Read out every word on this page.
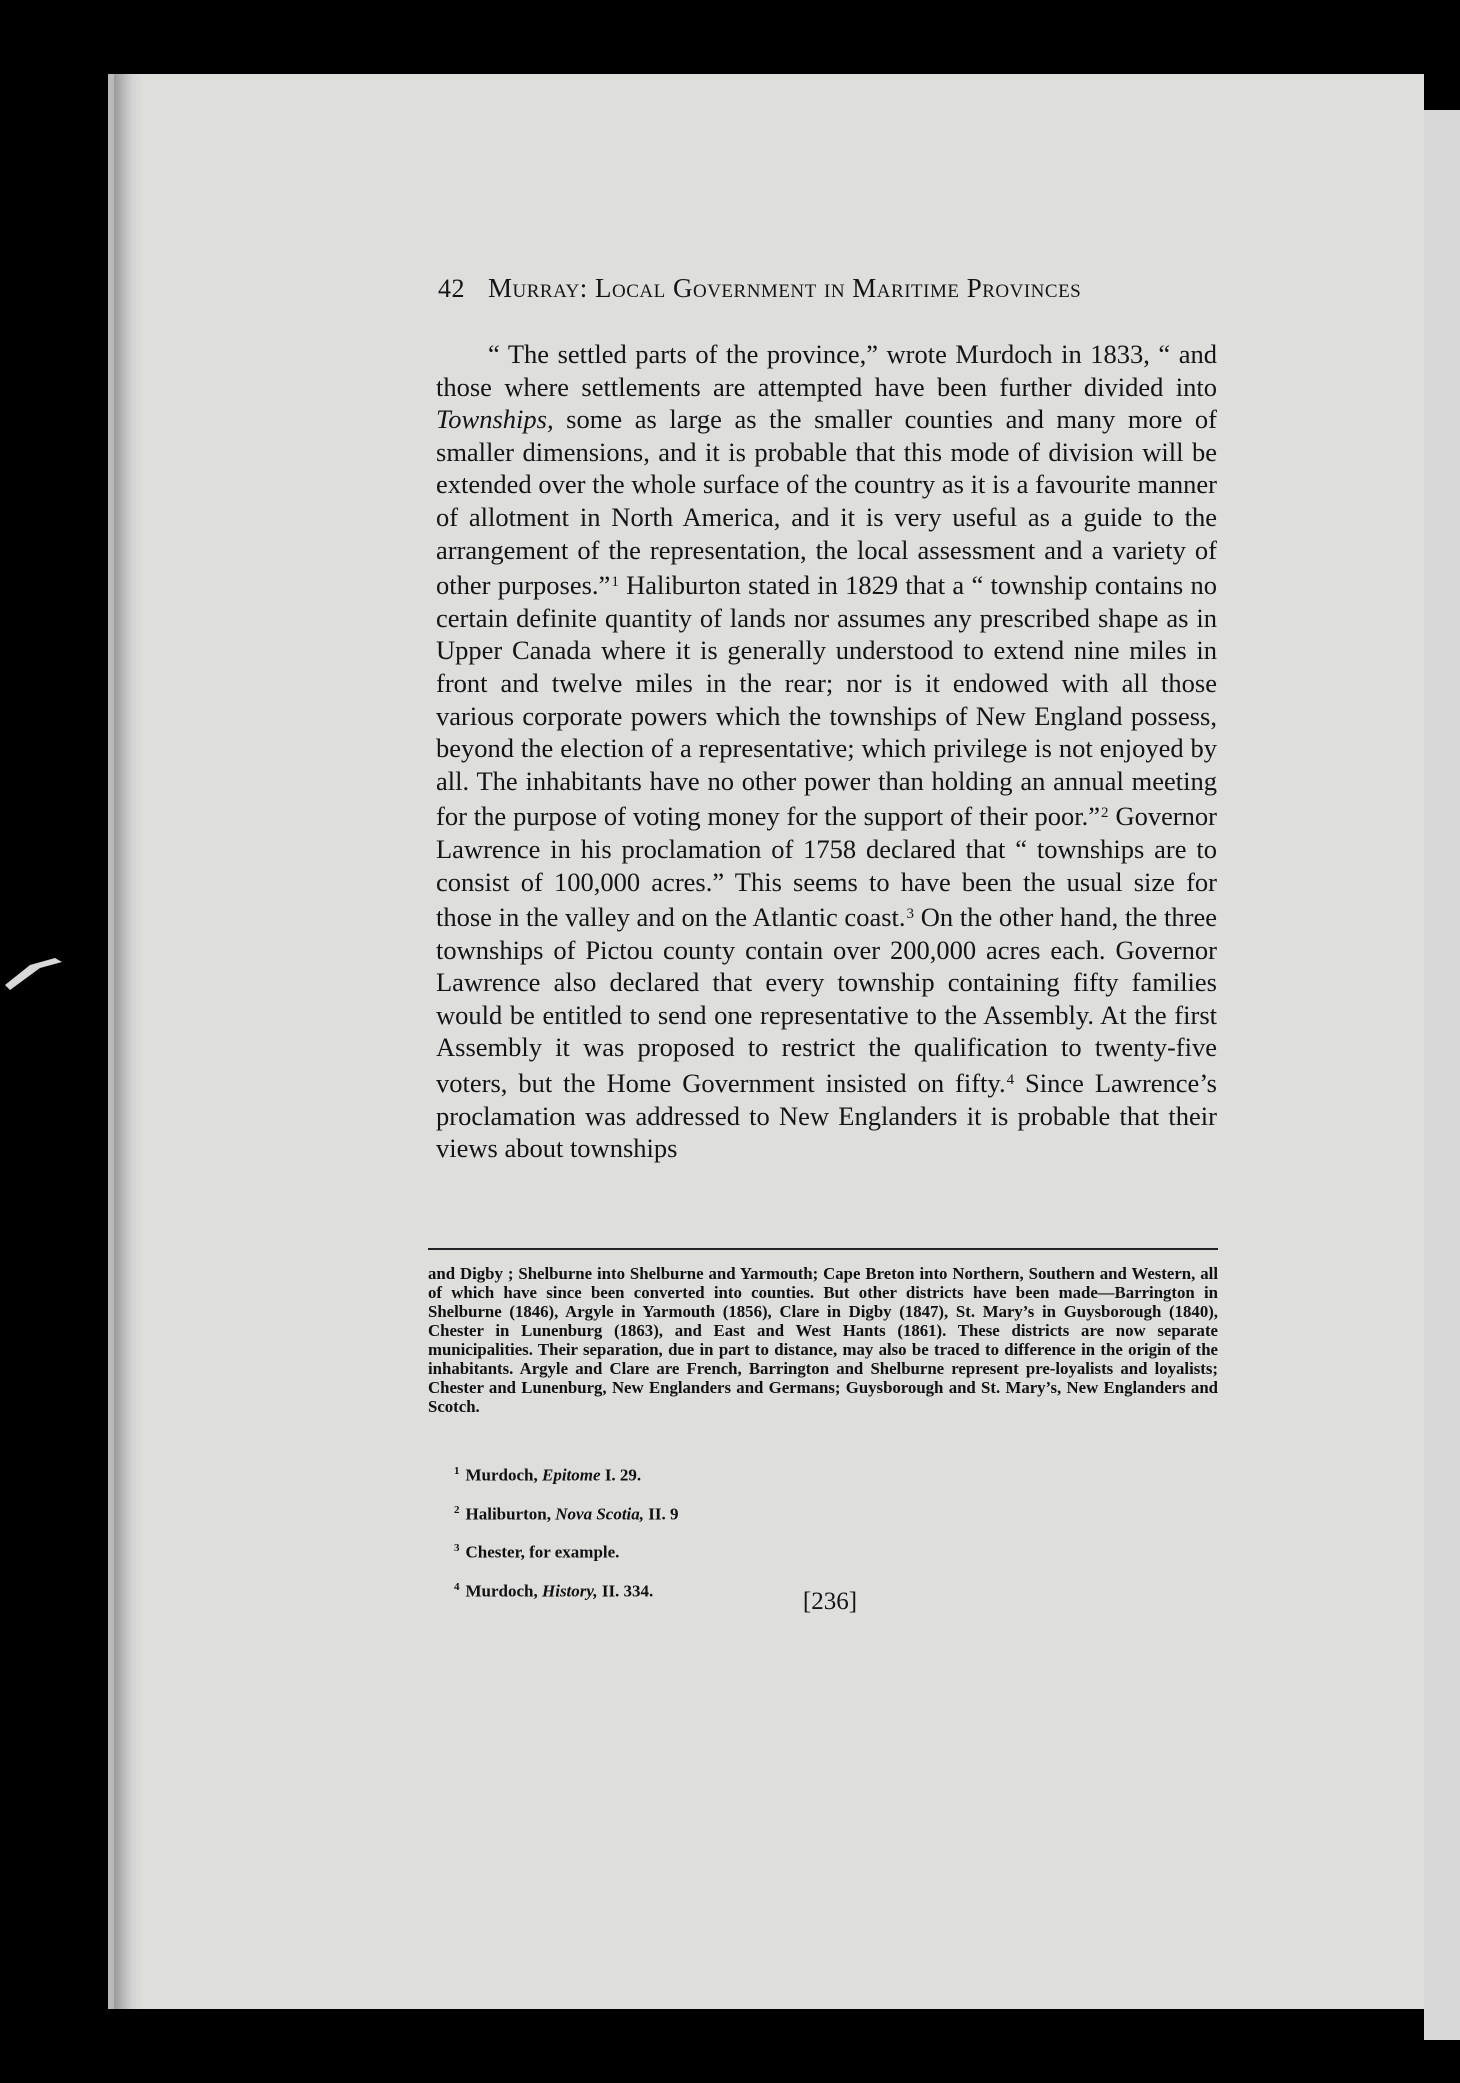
42 Murray: Local Government in Maritime Provinces

“ The settled parts of the province,” wrote Murdoch in 1833, “ and those where settlements are attempted have been further divided into Townships, some as large as the smaller counties and many more of smaller dimensions, and it is probable that this mode of division will be extended over the whole surface of the country as it is a favourite manner of allotment in North America, and it is very useful as a guide to the arrangement of the representation, the local assessment and a variety of other purposes.”$^1$ Haliburton stated in 1829 that a “ township contains no certain definite quantity of lands nor assumes any prescribed shape as in Upper Canada where it is generally understood to extend nine miles in front and twelve miles in the rear; nor is it endowed with all those various corporate powers which the townships of New England possess, beyond the election of a representative; which privilege is not enjoyed by all. The inhabitants have no other power than holding an annual meeting for the purpose of voting money for the support of their poor.”$^2$ Governor Lawrence in his proclamation of 1758 declared that “ townships are to consist of 100,000 acres.” This seems to have been the usual size for those in the valley and on the Atlantic coast.$^3$ On the other hand, the three townships of Pictou county contain over 200,000 acres each. Governor Lawrence also declared that every township containing fifty families would be entitled to send one representative to the Assembly. At the first Assembly it was proposed to restrict the qualification to twenty-five voters, but the Home Government insisted on fifty.$^4$ Since Lawrence’s proclamation was addressed to New Englanders it is probable that their views about townships

and Digby ; Shelburne into Shelburne and Yarmouth; Cape Breton into Northern, Southern and Western, all of which have since been converted into counties. But other districts have been made—Barrington in Shelburne (1846), Argyle in Yarmouth (1856), Clare in Digby (1847), St. Mary’s in Guysborough (1840), Chester in Lunenburg (1863), and East and West Hants (1861). These districts are now separate municipalities. Their separation, due in part to distance, may also be traced to difference in the origin of the inhabitants. Argyle and Clare are French, Barrington and Shelburne represent pre-loyalists and loyalists; Chester and Lunenburg, New Englanders and Germans; Guysborough and St. Mary’s, New Englanders and Scotch.

$^1$ Murdoch, Epitome I. 29.
$^2$ Haliburton, Nova Scotia, II. 9
$^3$ Chester, for example.
$^4$ Murdoch, History, II. 334.	[236]
